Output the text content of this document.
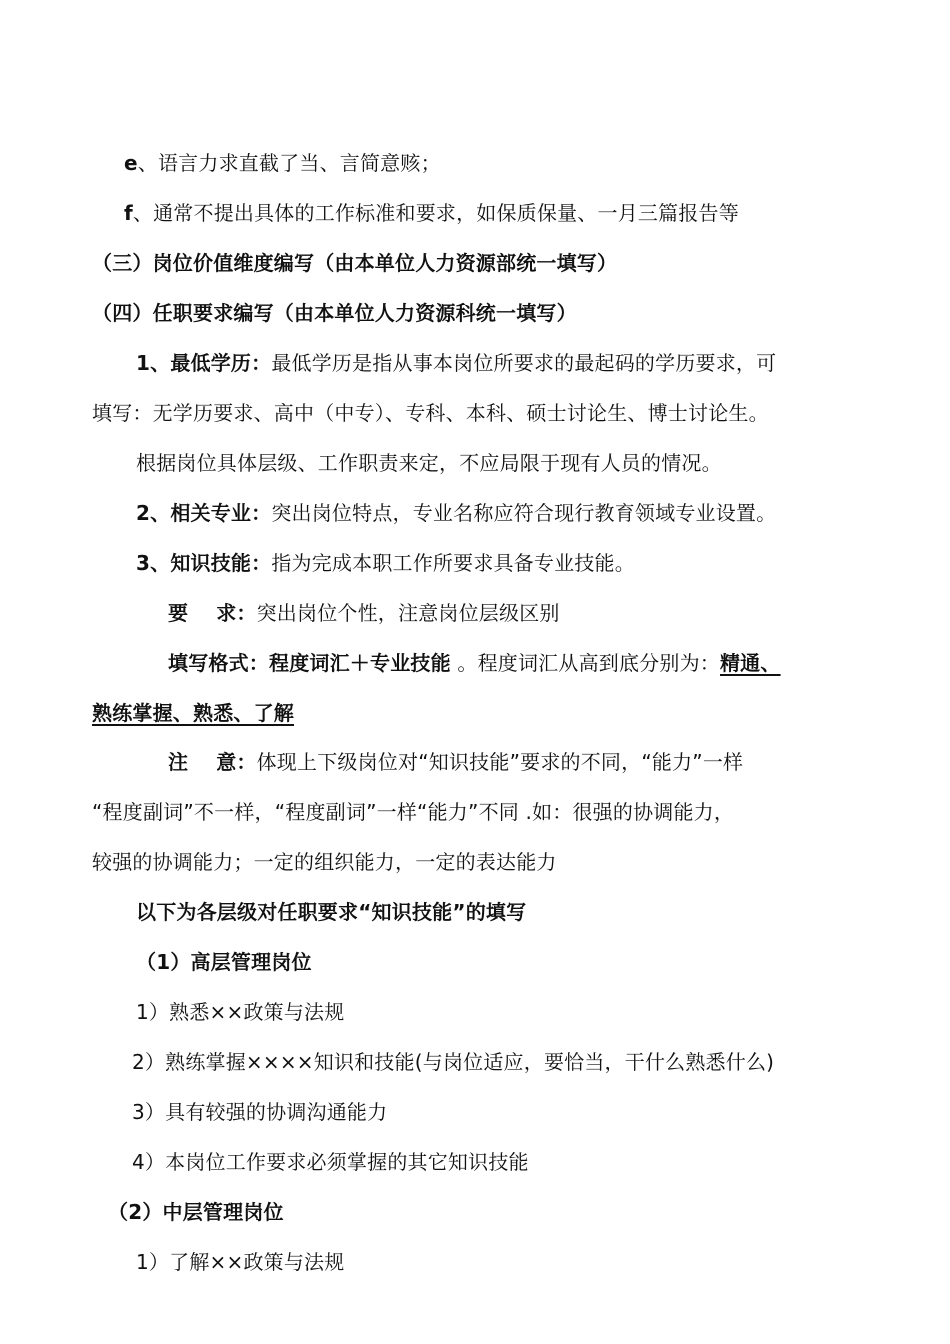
e、语言力求直截了当、言简意赅；
f、通常不提出具体的工作标准和要求，如保质保量、一月三篇报告等
（三）岗位价值维度编写（由本单位人力资源部统一填写）
（四）任职要求编写（由本单位人力资源科统一填写）
1、最低学历：最低学历是指从事本岗位所要求的最起码的学历要求，可
填写：无学历要求、高中（中专）、专科、本科、硕士讨论生、博士讨论生。
根据岗位具体层级、工作职责来定，不应局限于现有人员的情况。
2、相关专业：突出岗位特点，专业名称应符合现行教育领域专业设置。
3、知识技能：指为完成本职工作所要求具备专业技能。
要 求：突出岗位个性，注意岗位层级区别
填写格式：程度词汇＋专业技能 。程度词汇从高到底分别为：精通、
熟练掌握、熟悉、了解
注 意：体现上下级岗位对“知识技能”要求的不同，“能力”一样
“程度副词”不一样，“程度副词”一样“能力”不同 .如：很强的协调能力，
较强的协调能力；一定的组织能力，一定的表达能力
以下为各层级对任职要求“知识技能”的填写
（1）高层管理岗位
1）熟悉××政策与法规
2）熟练掌握××××知识和技能(与岗位适应，要恰当，干什么熟悉什么)
3）具有较强的协调沟通能力
4）本岗位工作要求必须掌握的其它知识技能
（2）中层管理岗位
1）了解××政策与法规
